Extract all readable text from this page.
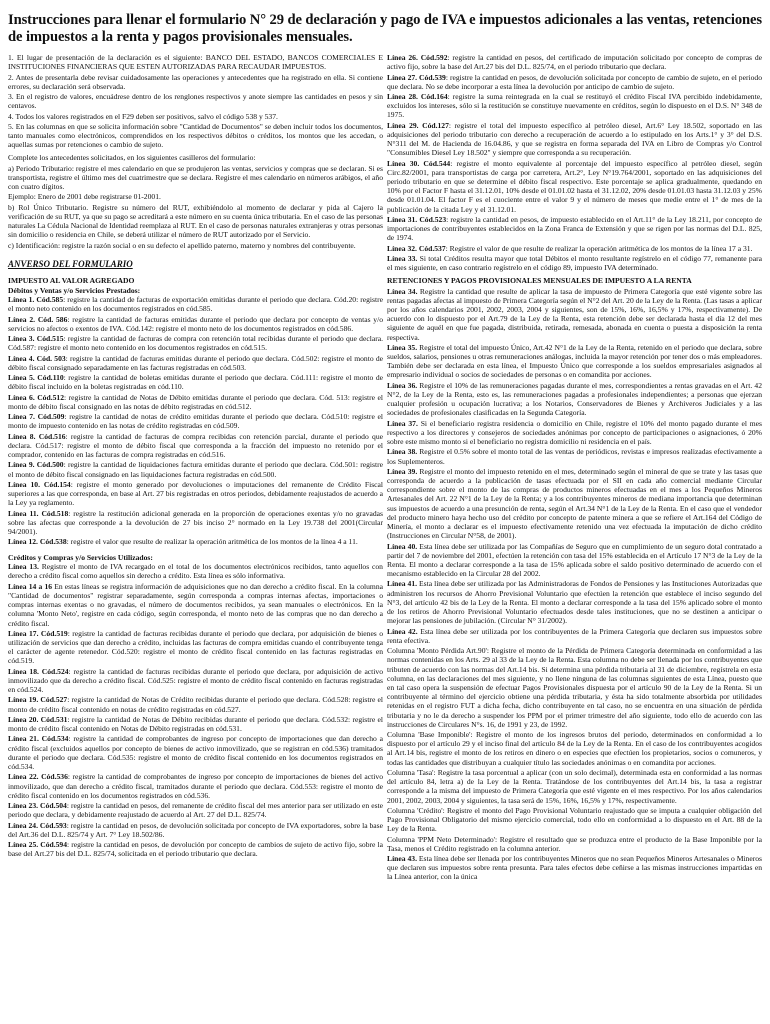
Instrucciones para llenar el formulario N° 29 de declaración y pago de IVA e impuestos adicionales a las ventas, retenciones de impuestos a la renta y pagos provisionales mensuales.

1. El lugar de presentación de la declaración es el siguiente: BANCO DEL ESTADO, BANCOS COMERCIALES E INSTITUCIONES FINANCIERAS QUE ESTEN AUTORIZADAS PARA RECAUDAR IMPUESTOS.

2. Antes de presentarla debe revisar cuidadosamente las operaciones y antecedentes que ha registrado en ella. Si contiene errores, su declaración será observada.

3. En el registro de valores, encuádrese dentro de los renglones respectivos y anote siempre las cantidades en pesos y sin centavos.

4. Todos los valores registrados en el F29 deben ser positivos, salvo el código 538 y 537.

5. En las columnas en que se solicita información sobre "Cantidad de Documentos" se deben incluir todos los documentos, tanto manuales como electrónicos, comprendidos en los respectivos débitos o créditos, los montos que les accedan, o aquellas sumas por retenciones o cambio de sujeto.

Complete los antecedentes solicitados, en los siguientes casilleros del formulario:

a) Periodo Tributario: registre el mes calendario en que se produjeron las ventas, servicios y compras que se declaran. Si es transportista, registre el último mes del cuatrimestre que se declara. Registre el mes calendario en números arábigos, el año con cuatro dígitos.

Ejemplo: Enero de 2001 debe registrarse 01-2001.

b) Rol Único Tributario. Registre su número del RUT, exhibiéndolo al momento de declarar y pida al Cajero la verificación de su RUT, ya que su pago se acreditará a este número en su cuenta única tributaria. En el caso de las personas naturales La Cédula Nacional de Identidad reemplaza al RUT. En el caso de personas naturales extranjeras y otras personas sin domicilio o residencia en Chile, se deberá utilizar el número de RUT autorizado por el Servicio.

c) Identificación: registre la razón social o en su defecto el apellido paterno, materno y nombres del contribuyente.

ANVERSO DEL FORMULARIO
IMPUESTO AL VALOR AGREGADO
Débitos y Ventas y/o Servicios Prestados:

Línea 1. Cód.585: registre la cantidad de facturas de exportación emitidas durante el periodo que declara. Cód.20: registre el monto neto contenido en los documentos registrados en cód.585.

Línea 2. Cód. 586: registre la cantidad de facturas emitidas durante el periodo que declara por concepto de ventas y/o servicios no afectos o exentos de IVA. Cód.142: registre el monto neto de los documentos registrados en cód.586.

Línea 3. Cód.515: registre la cantidad de facturas de compra con retención total recibidas durante el periodo que declara. Cód.587: registre el monto neto contenido en los documentos registrados en cód.515.

Línea 4. Cód. 503: registre la cantidad de facturas emitidas durante el periodo que declara. Cód.502: registre el monto de débito fiscal consignado separadamente en las facturas registradas en cód.503.

Línea 5. Cód.110: registre la cantidad de boletas emitidas durante el periodo que declara. Cód.111: registre el monto de débito fiscal incluido en la boletas registradas en cód.110.

Línea 6. Cód.512: registre la cantidad de Notas de Débito emitidas durante el periodo que declara. Cód. 513: registre el monto de débito fiscal consignado en las notas de débito registradas en cód.512.

Línea 7. Cód.509: registre la cantidad de notas de crédito emitidas durante el periodo que declara. Cód.510: registre el monto de impuesto contenido en las notas de crédito registradas en cód.509.

Línea 8. Cód.516: registre la cantidad de facturas de compra recibidas con retención parcial, durante el periodo que declara. Cód.517: registre el monto de débito fiscal que corresponda a la fracción del impuesto no retenido por el comprador, contenido en las facturas de compra registradas en cód.516.

Línea 9. Cód.500: registre la cantidad de liquidaciones factura emitidas durante el periodo que declara. Cód.501: registre el monto de débito fiscal consignado en las liquidaciones factura registradas en cód.500.

Línea 10. Cód.154: registre el monto generado por devoluciones o imputaciones del remanente de Crédito Fiscal superiores a las que corresponda, en base al Art. 27 bis registradas en otros periodos, debidamente reajustados de acuerdo a la Ley ya reglamento.

Línea 11. Cód.518: registre la restitución adicional generada en la proporción de operaciones exentas y/o no gravadas sobre las afectas que corresponde a la devolución de 27 bis inciso 2° normado en la Ley 19.738 del 2001(Circular 94/2001).

Línea 12. Cód.538: registre el valor que resulte de realizar la operación aritmética de los montos de la línea 4 a 11.

Créditos y Compras y/o Servicios Utilizados:

Línea 13. Registre el monto de IVA recargado en el total de los documentos electrónicos recibidos, tanto aquellos con derecho a crédito fiscal como aquellos sin derecho a crédito. Esta línea es sólo informativa.

Línea 14 a 16 En estas líneas se registra información de adquisiciones que no dan derecho a crédito fiscal. En la columna "Cantidad de documentos" registrar separadamente, según corresponda a compras internas afectas, importaciones o compras internas exentas o no gravadas, el número de documentos recibidos, ya sean manuales o electrónicos. En la columna 'Monto Neto', registre en cada código, según corresponda, el monto neto de las compras que no dan derecho a crédito fiscal.

Línea 17. Cód.519: registre la cantidad de facturas recibidas durante el periodo que declara, por adquisición de bienes o utilización de servicios que dan derecho a crédito, incluidas las facturas de compra emitidas cuando el contribuyente tenga el carácter de agente retenedor. Cód.520: registre el monto de crédito fiscal contenido en las facturas registradas en cód.519.

Línea 18. Cód.524: registre la cantidad de facturas recibidas durante el periodo que declara, por adquisición de activo inmovilizado que da derecho a crédito fiscal. Cód.525: registre el monto de crédito fiscal contenido en facturas registradas en cód.524.

Línea 19. Cód.527: registre la cantidad de Notas de Crédito recibidas durante el periodo que declara. Cód.528: registre el monto de crédito fiscal contenido en notas de crédito registradas en cód.527.

Línea 20. Cód.531: registre la cantidad de Notas de Débito recibidas durante el periodo que declara. Cód.532: registre el monto de crédito fiscal contenido en Notas de Débito registradas en cód.531.

Línea 21. Cód.534: registre la cantidad de comprobantes de ingreso por concepto de importaciones que dan derecho a crédito fiscal (excluidos aquellos por concepto de bienes de activo inmovilizado, que se registran en cód.536) tramitados durante el periodo que declara. Cód.535: registre el monto de crédito fiscal contenido en los documentos registrados en cód.534.

Línea 22. Cód.536: registre la cantidad de comprobantes de ingreso por concepto de importaciones de bienes del activo inmovilizado, que dan derecho a crédito fiscal, tramitados durante el periodo que declara. Cód.553: registre el monto de crédito fiscal contenido en los documentos registrados en cód.536.

Línea 23. Cód.504: registre la cantidad en pesos, del remanente de crédito fiscal del mes anterior para ser utilizado en este periodo que declara, y debidamente reajustado de acuerdo al Art. 27 del D.L. 825/74.

Línea 24. Cód.593: registre la cantidad en pesos, de devolución solicitada por concepto de IVA exportadores, sobre la base del Art.36 del D.L. 825/74 y Art. 7° Ley 18.502/86.

Línea 25. Cód.594: registre la cantidad en pesos, de devolución por concepto de cambios de sujeto de activo fijo, sobre la base del Art.27 bis del D.L. 825/74, solicitada en el periodo tributario que declara.

Línea 26. Cód.592: registre la cantidad en pesos, del certificado de imputación solicitado por concepto de compras de activo fijo, sobre la base del Art.27 bis del D.L. 825/74, en el periodo tributario que declara.

Línea 27. Cód.539: registre la cantidad en pesos, de devolución solicitada por concepto de cambio de sujeto, en el periodo que declara. No se debe incorporar a esta línea la devolución por anticipo de cambio de sujeto.

Línea 28. Cód.164: registre la suma reintegrada en la cual se restituyó el crédito Fiscal IVA percibido indebidamente, excluidos los intereses, sólo si la restitución se constituye nuevamente en créditos, según lo dispuesto en el D.S. N° 348 de 1975.

Línea 29. Cód.127: registre el total del impuesto específico al petróleo diesel, Art.6° Ley 18.502, soportado en las adquisiciones del periodo tributario con derecho a recuperación de acuerdo a lo estipulado en los Arts.1° y 3° del D.S. N°311 del M. de Hacienda de 16.04.86, y que se registra en forma separada del IVA en Libro de Compras y/o Control "Consumibles Diesel Ley 18.502" y siempre que corresponda a su recuperación.

Línea 30. Cód.544: registre el monto equivalente al porcentaje del impuesto específico al petróleo diesel, según Circ.82/2001, para transportistas de carga por carretera, Art.2°, Ley N°19.764/2001, soportado en las adquisiciones del periodo tributario en que se determine el débito fiscal respectivo. Este porcentaje se aplica gradualmente, quedando en 10% por el Factor F hasta el 31.12.01, 10% desde el 01.01.02 hasta el 31.12.02, 20% desde 01.01.03 hasta 31.12.03 y 25% desde 01.01.04. El factor F es el cuociente entre el valor 9 y el número de meses que medie entre el 1° de mes de la publicación de la citada Ley y el 31.12.01.

Línea 31. Cód.523: registre la cantidad en pesos, de impuesto establecido en el Art.11° de la Ley 18.211, por concepto de importaciones de contribuyentes establecidos en la Zona Franca de Extensión y que se rigen por las normas del D.L. 825, de 1974.

Línea 32. Cód.537: Registre el valor de que resulte de realizar la operación aritmética de los montos de la línea 17 a 31.

Línea 33. Si total Créditos resulta mayor que total Débitos el monto resultante regístrelo en el código 77, remanente para el mes siguiente, en caso contrario regístrelo en el código 89, impuesto IVA determinado.

RETENCIONES Y PAGOS PROVISIONALES MENSUALES DE IMPUESTO A LA RENTA

Línea 34. Registre la cantidad que resulte de aplicar la tasa de impuesto de Primera Categoría que esté vigente sobre las rentas pagadas afectas al impuesto de Primera Categoría según el N°2 del Art. 20 de la Ley de la Renta. (Las tasas a aplicar por los años calendarios 2001, 2002, 2003, 2004 y siguientes, son de 15%, 16%, 16,5% y 17%, respectivamente). De acuerdo con lo dispuesto por el Art.79 de la Ley de la Renta, esta retención debe ser declarada hasta el día 12 del mes siguiente de aquél en que fue pagada, distribuida, retirada, remesada, abonada en cuenta o puesta a disposición la renta respectiva.

Línea 35. Registre el total del impuesto Único, Art.42 N°1 de la Ley de la Renta, retenido en el periodo que declara, sobre sueldos, salarios, pensiones u otras remuneraciones análogas, incluida la mayor retención por tener dos o más empleadores. También debe ser declarada en esta línea, el Impuesto Único que corresponde a los sueldos empresariales asignados al empresario individual o socios de sociedades de personas o en comandita por acciones.

Línea 36. Registre el 10% de las remuneraciones pagadas durante el mes, correspondientes a rentas gravadas en el Art. 42 N°2, de la Ley de la Renta, esto es, las remuneraciones pagadas a profesionales independientes; a personas que ejerzan cualquier profesión u ocupación lucrativa; a los Notarios, Conservadores de Bienes y Archiveros Judiciales y a las sociedades de profesionales clasificadas en la Segunda Categoría.

Línea 37. Si el beneficiario registra residencia o domicilio en Chile, registre el 10% del monto pagado durante el mes respectivo a los directores y consejeros de sociedades anónimas por concepto de participaciones o asignaciones, ó 20% sobre este mismo monto si el beneficiario no registra domicilio ni residencia en el país.

Línea 38. Registre el 0.5% sobre el monto total de las ventas de periódicos, revistas e impresos realizadas efectivamente a los Suplementeros.

Línea 39. Registre el monto del impuesto retenido en el mes, determinado según el mineral de que se trate y las tasas que corresponda de acuerdo a la publicación de tasas efectuada por el SII en cada año comercial mediante Circular correspondiente sobre el monto de las compras de productos mineros efectuadas en el mes a los Pequeños Mineros Artesanales del Art. 22 N°1 de la Ley de la Renta; y a los contribuyentes mineros de mediana importancia que determinan sus impuestos de acuerdo a una presunción de renta, según el Art.34 N°1 de la Ley de la Renta. En el caso que el vendedor del producto minero haya hecho uso del crédito por concepto de patente minera a que se refiere el Art.164 del Código de Minería, el monto a declarar es el impuesto efectivamente retenido una vez efectuada la imputación de dicho crédito (Instrucciones en Circular N°58, de 2001).

Línea 40. Esta línea debe ser utilizada por las Compañías de Seguro que en cumplimiento de un seguro dotal contratado a partir del 7 de noviembre del 2001, efectúen la retención con tasa del 15% establecida en el Artículo 17 N°3 de la Ley de la Renta. El monto a declarar corresponde a la tasa de 15% aplicada sobre el saldo positivo determinado de acuerdo con el mecanismo establecido en la Circular 28 del 2002.

Línea 41. Esta línea debe ser utilizada por las Administradoras de Fondos de Pensiones y las Instituciones Autorizadas que administren los recursos de Ahorro Previsional Voluntario que efectúen la retención que establece el inciso segundo del N°3, del artículo 42 bis de la Ley de la Renta. El monto a declarar corresponde a la tasa del 15% aplicado sobre el monto de los retiros de Ahorro Previsional Voluntario efectuados desde tales instituciones, que no se destinen a anticipar o mejorar las pensiones de jubilación. (Circular N° 31/2002).

Línea 42. Esta línea debe ser utilizada por los contribuyentes de la Primera Categoría que declaren sus impuestos sobre renta efectiva.

Columna 'Monto Pérdida Art.90': Registre el monto de la Pérdida de Primera Categoría determinada en conformidad a las normas contenidas en los Arts. 29 al 33 de la Ley de la Renta. Esta columna no debe ser llenada por los contribuyentes que tributen de acuerdo con las normas del Art.14 bis. Si determina una pérdida tributaria al 31 de diciembre, regístrela en esta columna, en las declaraciones del mes siguiente, y no llene ninguna de las columnas siguientes de esta Línea, puesto que en tal caso opera la suspensión de efectuar Pagos Provisionales dispuesta por el artículo 90 de la Ley de la Renta. Si un contribuyente al término del ejercicio obtiene una pérdida tributaria, y ésta ha sido totalmente absorbida por utilidades retenidas en el registro FUT a dicha fecha, dicho contribuyente en tal caso, no se encuentra en una situación de pérdida tributaria y no le da derecho a suspender los PPM por el primer trimestre del año siguiente, todo ello de acuerdo con las instrucciones de Circulares N°s. 16, de 1991 y 23, de 1992.

Columna 'Base Imponible': Registre el monto de los ingresos brutos del periodo, determinados en conformidad a lo dispuesto por el artículo 29 y el inciso final del artículo 84 de la Ley de la Renta. En el caso de los contribuyentes acogidos al Art.14 bis, registre el monto de los retiros en dinero o en especies que efectúen los propietarios, socios o comuneros, y todas las cantidades que distribuyan a cualquier título las sociedades anónimas o en comandita por acciones.

Columna 'Tasa': Registre la tasa porcentual a aplicar (con un solo decimal), determinada esta en conformidad a las normas del artículo 84, letra a) de la Ley de la Renta. Tratándose de los contribuyentes del Art.14 bis, la tasa a registrar corresponde a la misma del impuesto de Primera Categoría que esté vigente en el mes respectivo. Por los años calendarios 2001, 2002, 2003, 2004 y siguientes, la tasa será de 15%, 16%, 16,5% y 17%, respectivamente.

Columna 'Crédito': Registre el monto del Pago Provisional Voluntario reajustado que se imputa a cualquier obligación del Pago Provisional Obligatorio del mismo ejercicio comercial, todo ello en conformidad a lo dispuesto en el Art. 88 de la Ley de la Renta.

Columna 'PPM Neto Determinado': Registre el resultado que se produzca entre el producto de la Base Imponible por la Tasa, menos el Crédito registrado en la columna anterior.

Línea 43. Esta línea debe ser llenada por los contribuyentes Mineros que no sean Pequeños Mineros Artesanales o Mineros que declaren sus impuestos sobre renta presunta. Para tales efectos debe ceñirse a las mismas instrucciones impartidas en la Línea anterior, con la única
